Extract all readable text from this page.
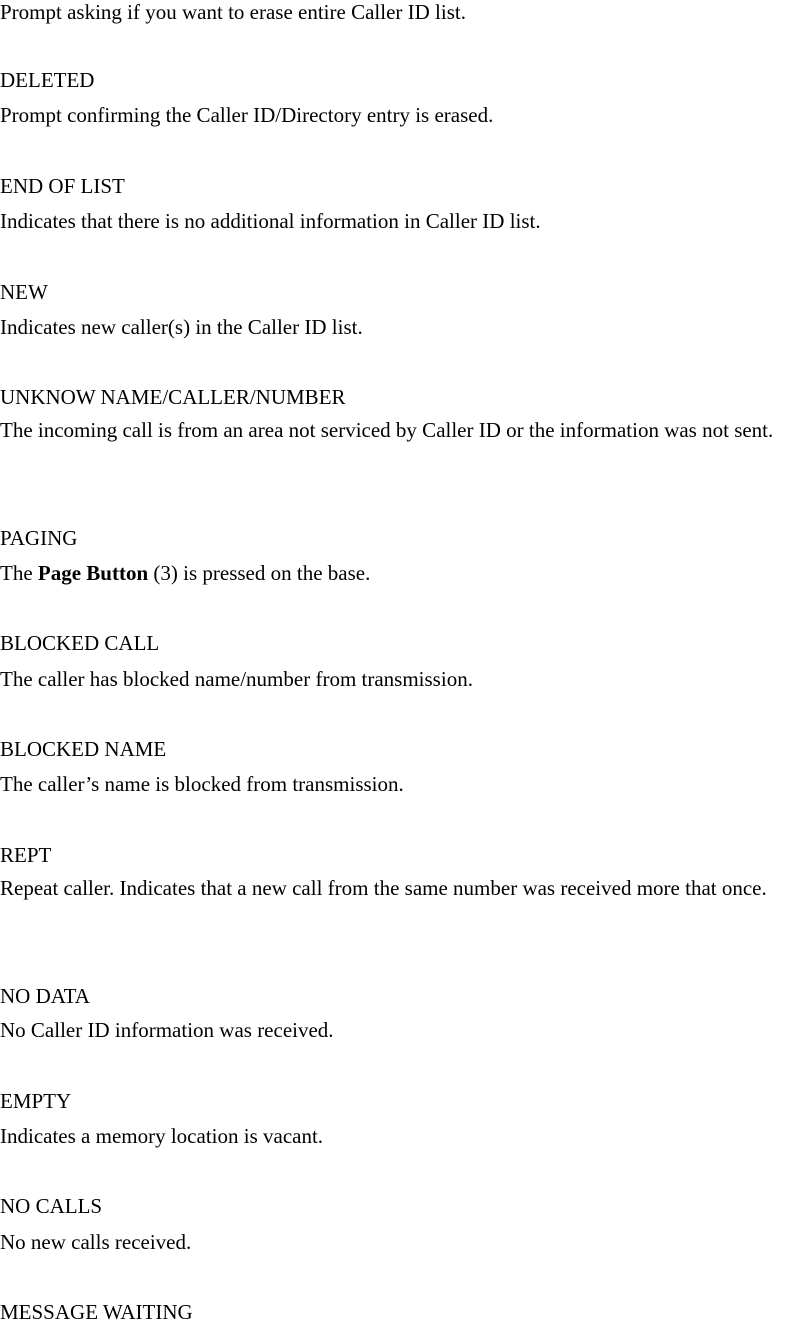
Prompt asking if you want to erase entire Caller ID list.
DELETED
Prompt confirming the Caller ID/Directory entry is erased.
END OF LIST
Indicates that there is no additional information in Caller ID list.
NEW
Indicates new caller(s) in the Caller ID list.
UNKNOW NAME/CALLER/NUMBER
The incoming call is from an area not serviced by Caller ID or the information was not sent.
PAGING
The Page Button (3) is pressed on the base.
BLOCKED CALL
The caller has blocked name/number from transmission.
BLOCKED NAME
The caller’s name is blocked from transmission.
REPT
Repeat caller. Indicates that a new call from the same number was received more that once.
NO DATA
No Caller ID information was received.
EMPTY
Indicates a memory location is vacant.
NO CALLS
No new calls received.
MESSAGE WAITING
